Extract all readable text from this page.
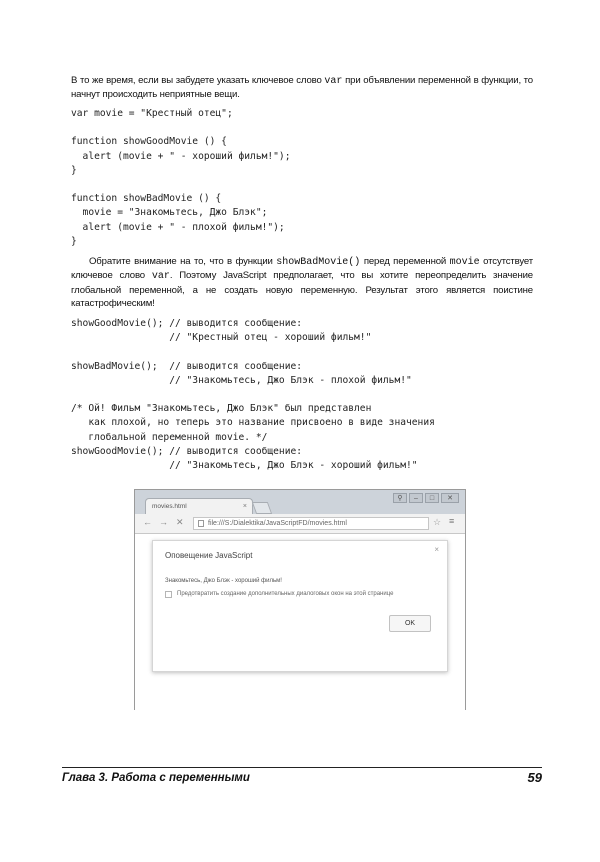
В то же время, если вы забудете указать ключевое слово var при объявлении переменной в функции, то начнут происходить неприятные вещи.
var movie = "Крестный отец";

function showGoodMovie () {
alert (movie + " - хороший фильм!");
}

function showBadMovie () {
movie = "Знакомьтесь, Джо Блэк";
alert (movie + " - плохой фильм!");
}
Обратите внимание на то, что в функции showBadMovie() перед переменной movie отсутствует ключевое слово var. Поэтому JavaScript предполагает, что вы хотите переопределить значение глобальной переменной, а не создать новую переменную. Результат этого является поистине катастрофическим!
showGoodMovie(); // выводится сообщение:
// "Крестный отец - хороший фильм!"

showBadMovie();  // выводится сообщение:
// "Знакомьтесь, Джо Блэк - плохой фильм!"

/* Ой! Фильм "Знакомьтесь, Джо Блэк" был представлен
как плохой, но теперь это название присвоено в виде значения
глобальной переменной movie. */
showGoodMovie(); // выводится сообщение:
// "Знакомьтесь, Джо Блэк - хороший фильм!"
movies.html	×
⚲	–	□	✕
← → ✕	file:///S:/Dialektika/JavaScriptFD/movies.html	☆ ≡
Оповещение JavaScript
×
Знакомьтесь, Джо Блэк - хороший фильм!
Предотвратить создание дополнительных диалоговых окон на этой странице
OK
Глава 3. Работа с переменными	59
